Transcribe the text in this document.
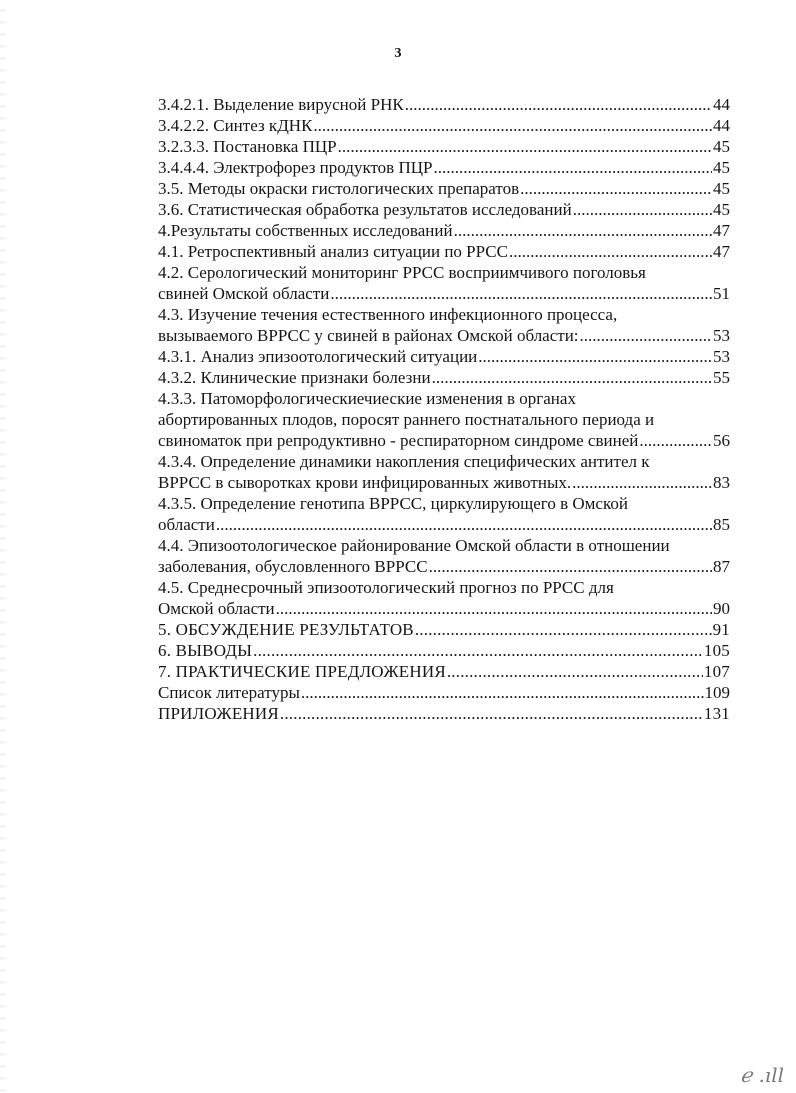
3
3.4.2.1. Выделение вирусной РНК .....	44
3.4.2.2. Синтез кДНК .....	44
3.2.3.3. Постановка ПЦР .....	45
3.4.4.4. Электрофорез продуктов ПЦР .....	45
3.5. Методы окраски гистологических препаратов .....	45
3.6. Статистическая обработка результатов исследований .....	45
4.Результаты собственных исследований .....	47
4.1. Ретроспективный анализ ситуации по РРСС .....	47
4.2. Серологический мониторинг РРСС восприимчивого поголовья
свиней Омской области .....	51
4.3. Изучение течения естественного инфекционного процесса,
вызываемого ВРРСС у свиней в районах Омской области: .....	53
4.3.1. Анализ эпизоотологический ситуации .....	53
4.3.2. Клинические признаки болезни .....	55
4.3.3. Патоморфологическиечиеские изменения в органах
абортированных плодов, поросят раннего постнатального периода и
свиноматок при репродуктивно - респираторном синдроме свиней .....	56
4.3.4. Определение динамики накопления специфических антител к
ВРРСС в сыворотках крови инфицированных животных. .....	83
4.3.5. Определение генотипа ВРРСС, циркулирующего в Омской
области .....	85
4.4. Эпизоотологическое районирование Омской области в отношении
заболевания, обусловленного ВРРСС .....	87
4.5. Среднесрочный эпизоотологический прогноз по РРСС для
Омской области .....	90
5. ОБСУЖДЕНИЕ РЕЗУЛЬТАТОВ .....	91
6. ВЫВОДЫ .....	105
7. ПРАКТИЧЕСКИЕ ПРЕДЛОЖЕНИЯ .....	107
Список литературы .....	109
ПРИЛОЖЕНИЯ .....	131
ℯ .ıll
